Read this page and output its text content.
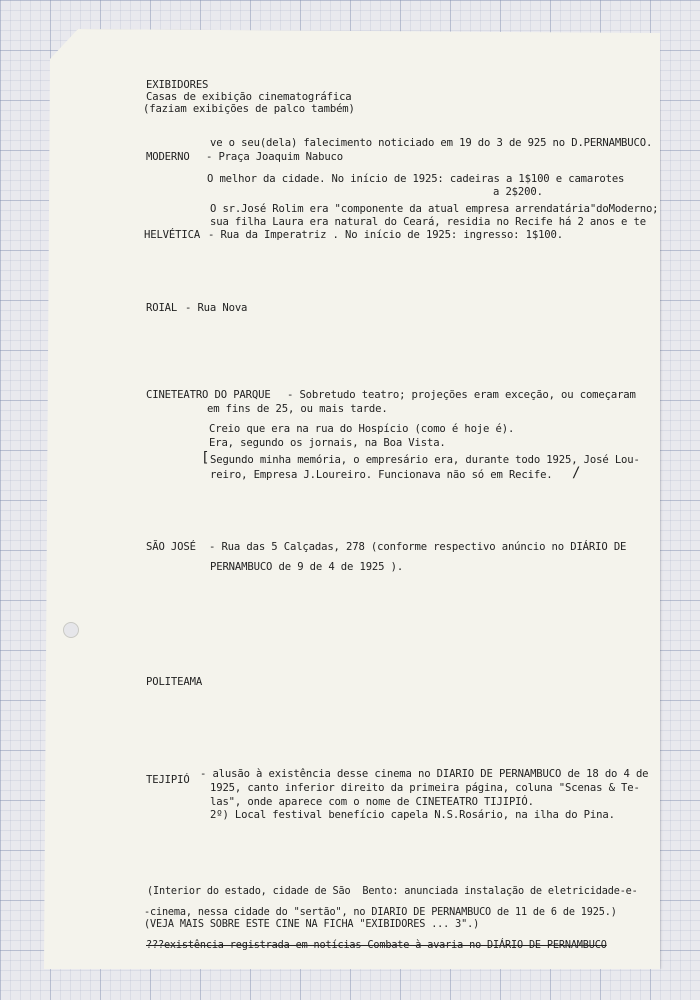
EXIBIDORES
Casas de exibição cinematográfica
(faziam exibições de palco também)
ve o seu(dela) falecimento noticiado em 19 do 3 de 925 no D.PERNAMBUCO.
MODERNO - Praça Joaquim Nabuco
O melhor da cidade. No início de 1925: cadeiras a 1$100 e camarotes
a 2$200.
O sr.José Rolim era "componente da atual empresa arrendatária"doModerno;
sua filha Laura era natural do Ceará, residia no Recife há 2 anos e te
HELVÉTICA - Rua da Imperatriz . No início de 1925: ingresso: 1$100.
ROIAL - Rua Nova
CINETEATRO DO PARQUE - Sobretudo teatro; projeções eram exceção, ou começaram
em fins de 25, ou mais tarde.
Creio que era na rua do Hospício (como é hoje é).
Era, segundo os jornais, na Boa Vista.
[ Segundo minha memória, o empresário era, durante todo 1925, José Lou-
reiro, Empresa J.Loureiro. Funcionava não só em Recife. /
SÃO JOSÉ - Rua das 5 Calçadas, 278 (conforme respectivo anúncio no DIÁRIO DE
PERNAMBUCO de 9 de 4 de 1925 ).
POLITEAMA
TEJIPIÓ - alusão à existência desse cinema no DIARIO DE PERNAMBUCO de 18 do 4 de
1925, canto inferior direito da primeira página, coluna "Scenas & Te-
las", onde aparece com o nome de CINETEATRO TIJIPIÓ.
2º) Local festival benefício capela N.S.Rosário, na ilha do Pina.
(Interior do estado, cidade de São  Bento: anunciada instalação de eletricidade-e-
-cinema, nessa cidade do "sertão", no DIARIO DE PERNAMBUCO de 11 de 6 de 1925.)
(VEJA MAIS SOBRE ESTE CINE NA FICHA "EXIBIDORES ... 3".)
???existência registrada em notícias Combate à avaria no DIÁRIO DE PERNAMBUCO
